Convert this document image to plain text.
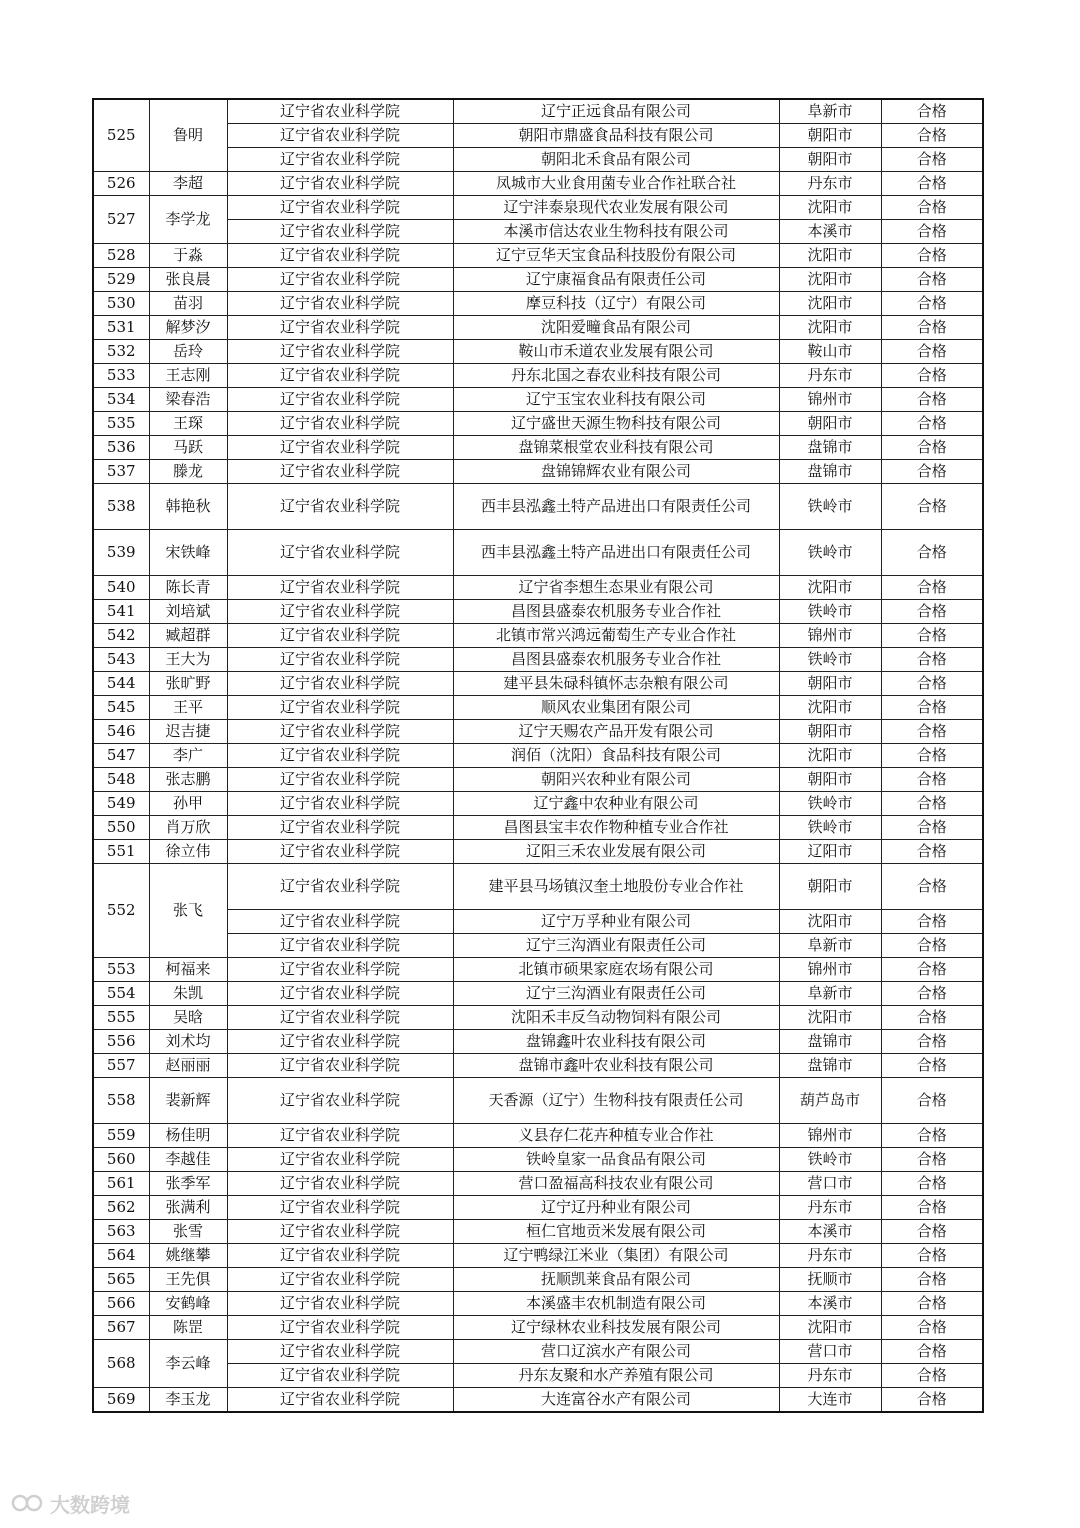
525	鲁明	辽宁省农业科学院	辽宁正远食品有限公司	阜新市	合格
		辽宁省农业科学院	朝阳市鼎盛食品科技有限公司	朝阳市	合格
		辽宁省农业科学院	朝阳北禾食品有限公司	朝阳市	合格
526	李超	辽宁省农业科学院	凤城市大业食用菌专业合作社联合社	丹东市	合格
527	李学龙	辽宁省农业科学院	辽宁沣泰泉现代农业发展有限公司	沈阳市	合格
		辽宁省农业科学院	本溪市信达农业生物科技有限公司	本溪市	合格
528	于淼	辽宁省农业科学院	辽宁豆华天宝食品科技股份有限公司	沈阳市	合格
529	张良晨	辽宁省农业科学院	辽宁康福食品有限责任公司	沈阳市	合格
530	苗羽	辽宁省农业科学院	摩豆科技（辽宁）有限公司	沈阳市	合格
531	解梦汐	辽宁省农业科学院	沈阳爱疃食品有限公司	沈阳市	合格
532	岳玲	辽宁省农业科学院	鞍山市禾道农业发展有限公司	鞍山市	合格
533	王志刚	辽宁省农业科学院	丹东北国之春农业科技有限公司	丹东市	合格
534	梁春浩	辽宁省农业科学院	辽宁玉宝农业科技有限公司	锦州市	合格
535	王琛	辽宁省农业科学院	辽宁盛世天源生物科技有限公司	朝阳市	合格
536	马跃	辽宁省农业科学院	盘锦菜根堂农业科技有限公司	盘锦市	合格
537	滕龙	辽宁省农业科学院	盘锦锦辉农业有限公司	盘锦市	合格
538	韩艳秋	辽宁省农业科学院	西丰县泓鑫土特产品进出口有限责任公司	铁岭市	合格
539	宋铁峰	辽宁省农业科学院	西丰县泓鑫土特产品进出口有限责任公司	铁岭市	合格
540	陈长青	辽宁省农业科学院	辽宁省李想生态果业有限公司	沈阳市	合格
541	刘培斌	辽宁省农业科学院	昌图县盛泰农机服务专业合作社	铁岭市	合格
542	臧超群	辽宁省农业科学院	北镇市常兴鸿远葡萄生产专业合作社	锦州市	合格
543	王大为	辽宁省农业科学院	昌图县盛泰农机服务专业合作社	铁岭市	合格
544	张旷野	辽宁省农业科学院	建平县朱碌科镇怀志杂粮有限公司	朝阳市	合格
545	王平	辽宁省农业科学院	顺风农业集团有限公司	沈阳市	合格
546	迟吉捷	辽宁省农业科学院	辽宁天赐农产品开发有限公司	朝阳市	合格
547	李广	辽宁省农业科学院	润佰（沈阳）食品科技有限公司	沈阳市	合格
548	张志鹏	辽宁省农业科学院	朝阳兴农种业有限公司	朝阳市	合格
549	孙甲	辽宁省农业科学院	辽宁鑫中农种业有限公司	铁岭市	合格
550	肖万欣	辽宁省农业科学院	昌图县宝丰农作物种植专业合作社	铁岭市	合格
551	徐立伟	辽宁省农业科学院	辽阳三禾农业发展有限公司	辽阳市	合格
552	张飞	辽宁省农业科学院	建平县马场镇汉奎土地股份专业合作社	朝阳市	合格
		辽宁省农业科学院	辽宁万孚种业有限公司	沈阳市	合格
		辽宁省农业科学院	辽宁三沟酒业有限责任公司	阜新市	合格
553	柯福来	辽宁省农业科学院	北镇市硕果家庭农场有限公司	锦州市	合格
554	朱凯	辽宁省农业科学院	辽宁三沟酒业有限责任公司	阜新市	合格
555	吴晗	辽宁省农业科学院	沈阳禾丰反刍动物饲料有限公司	沈阳市	合格
556	刘术均	辽宁省农业科学院	盘锦鑫叶农业科技有限公司	盘锦市	合格
557	赵丽丽	辽宁省农业科学院	盘锦市鑫叶农业科技有限公司	盘锦市	合格
558	裴新辉	辽宁省农业科学院	天香源（辽宁）生物科技有限责任公司	葫芦岛市	合格
559	杨佳明	辽宁省农业科学院	义县存仁花卉种植专业合作社	锦州市	合格
560	李越佳	辽宁省农业科学院	铁岭皇家一品食品有限公司	铁岭市	合格
561	张季军	辽宁省农业科学院	营口盈福高科技农业有限公司	营口市	合格
562	张满利	辽宁省农业科学院	辽宁辽丹种业有限公司	丹东市	合格
563	张雪	辽宁省农业科学院	桓仁官地贡米发展有限公司	本溪市	合格
564	姚继攀	辽宁省农业科学院	辽宁鸭绿江米业（集团）有限公司	丹东市	合格
565	王先俱	辽宁省农业科学院	抚顺凯莱食品有限公司	抚顺市	合格
566	安鹤峰	辽宁省农业科学院	本溪盛丰农机制造有限公司	本溪市	合格
567	陈罡	辽宁省农业科学院	辽宁绿林农业科技发展有限公司	沈阳市	合格
568	李云峰	辽宁省农业科学院	营口辽滨水产有限公司	营口市	合格
		辽宁省农业科学院	丹东友聚和水产养殖有限公司	丹东市	合格
569	李玉龙	辽宁省农业科学院	大连富谷水产有限公司	大连市	合格
大数跨境
